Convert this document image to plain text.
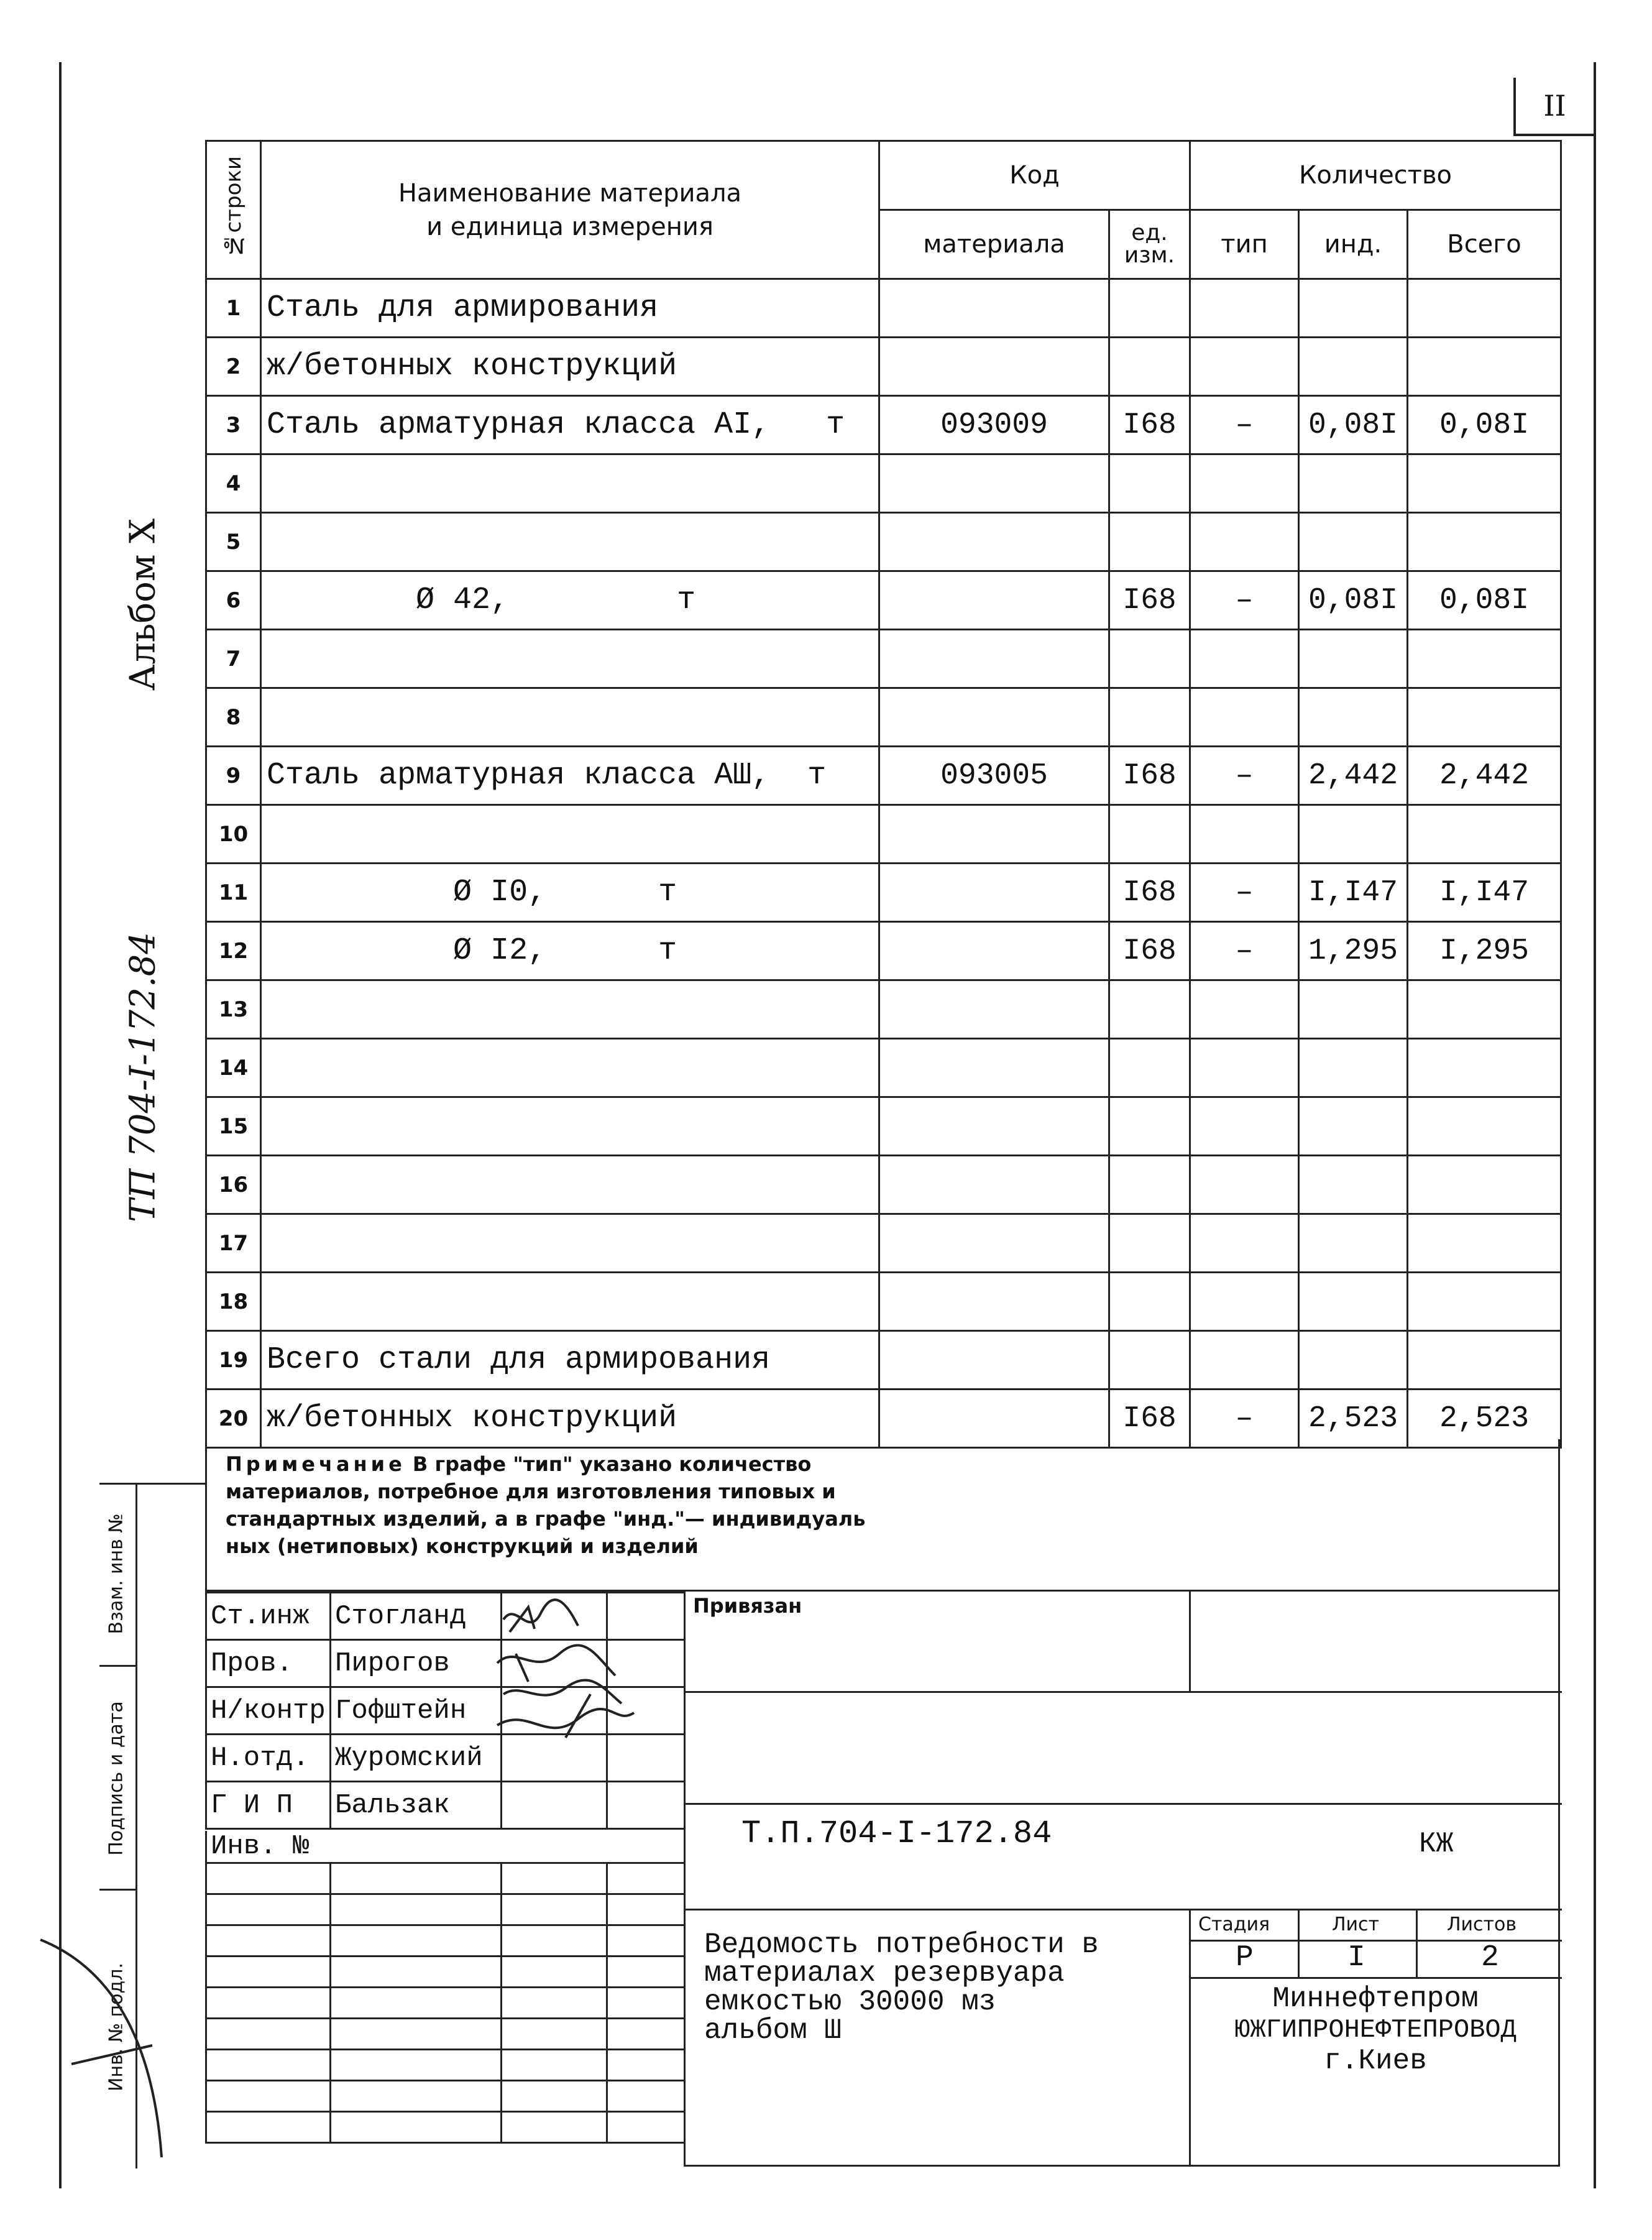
II
Альбом X
ТП 704-I-172.84
Взам. инв №
Подпись и дата
Инв. № подл.
№строки	Наименование материала
и единица измерения	Код		Количество		
		материала	ед. изм.	тип	инд.	Всего
1	Сталь для армирования					
2	ж/бетонных конструкций					
3	Сталь арматурная класса АI,   т	093009	I68	–	0,08I	0,08I
4						
5						
6	Ø 42,         т		I68	–	0,08I	0,08I
7						
8						
9	Сталь арматурная класса АШ,  т	093005	I68	–	2,442	2,442
10						
11	Ø I0,      т		I68	–	I,I47	I,I47
12	Ø I2,      т		I68	–	1,295	I,295
13						
14						
15						
16						
17						
18						
19	Всего стали для армирования					
20	ж/бетонных конструкций		I68	–	2,523	2,523
Примечание В графе "тип" указано количество
материалов, потребное для изготовления типовых и
стандартных изделий, а в графе "инд."— индивидуаль
ных (нетиповых) конструкций и изделий
Ст.инж	Стогланд		
Пров.	Пирогов		
Н/контр	Гофштейн		
Н.отд.	Журомский		
Г И П	Бальзак		
Инв. №			

Привязан
Т.П.704-I-172.84	КЖ
Ведомость потребности в
материалах резервуара
емкостью 30000 мз
альбом Ш
Стадия	Лист	Листов
Р	I	2
Миннефтепром
ЮЖГИПРОНЕФТЕПРОВОД
г.Киев
